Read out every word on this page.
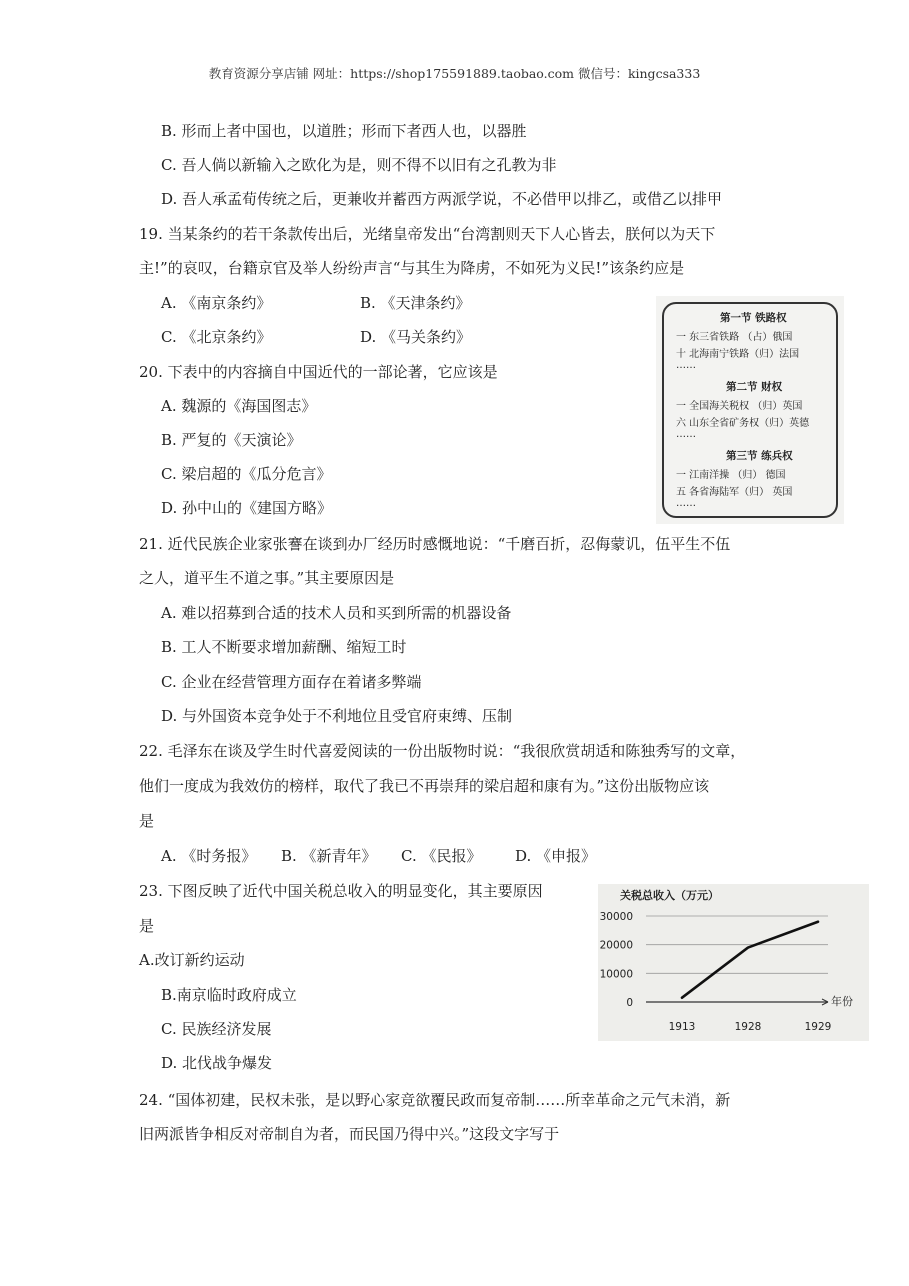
教育资源分享店铺 网址：https://shop175591889.taobao.com 微信号：kingcsa333
B. 形而上者中国也，以道胜；形而下者西人也，以器胜
C. 吾人倘以新输入之欧化为是，则不得不以旧有之孔教为非
D. 吾人承孟荀传统之后，更兼收并蓄西方两派学说，不必借甲以排乙，或借乙以排甲
19. 当某条约的若干条款传出后，光绪皇帝发出“台湾割则天下人心皆去，朕何以为天下
主!”的哀叹，台籍京官及举人纷纷声言“与其生为降虏，不如死为义民!”该条约应是
A. 《南京条约》	B. 《天津条约》
C. 《北京条约》	D. 《马关条约》
20. 下表中的内容摘自中国近代的一部论著，它应该是
A. 魏源的《海国图志》
B. 严复的《天演论》
C. 梁启超的《瓜分危言》
D. 孙中山的《建国方略》
第一节 铁路权
一 东三省铁路 （占）俄国
十 北海南宁铁路（归）法国
……
第二节 财权
一 全国海关税权 （归）英国
六 山东全省矿务权（归）英德
……
第三节 练兵权
一 江南洋操 （归） 德国
五 各省海陆军（归） 英国
……
21. 近代民族企业家张謇在谈到办厂经历时感慨地说：“千磨百折，忍侮蒙讥，伍平生不伍
之人，道平生不道之事。”其主要原因是
A. 难以招募到合适的技术人员和买到所需的机器设备
B. 工人不断要求增加薪酬、缩短工时
C. 企业在经营管理方面存在着诸多弊端
D. 与外国资本竞争处于不利地位且受官府束缚、压制
22. 毛泽东在谈及学生时代喜爱阅读的一份出版物时说：“我很欣赏胡适和陈独秀写的文章，
他们一度成为我效仿的榜样，取代了我已不再崇拜的梁启超和康有为。”这份出版物应该
是
A. 《时务报》 B. 《新青年》 C. 《民报》 D. 《申报》
23. 下图反映了近代中国关税总收入的明显变化，其主要原因
是
A.改订新约运动
B.南京临时政府成立
C. 民族经济发展
D. 北伐战争爆发
关税总收入（万元）
30000
20000
10000
0
1913	1928	1929
年份
24. “国体初建，民权未张，是以野心家竞欲覆民政而复帝制……所幸革命之元气未消，新
旧两派皆争相反对帝制自为者，而民国乃得中兴。”这段文字写于
